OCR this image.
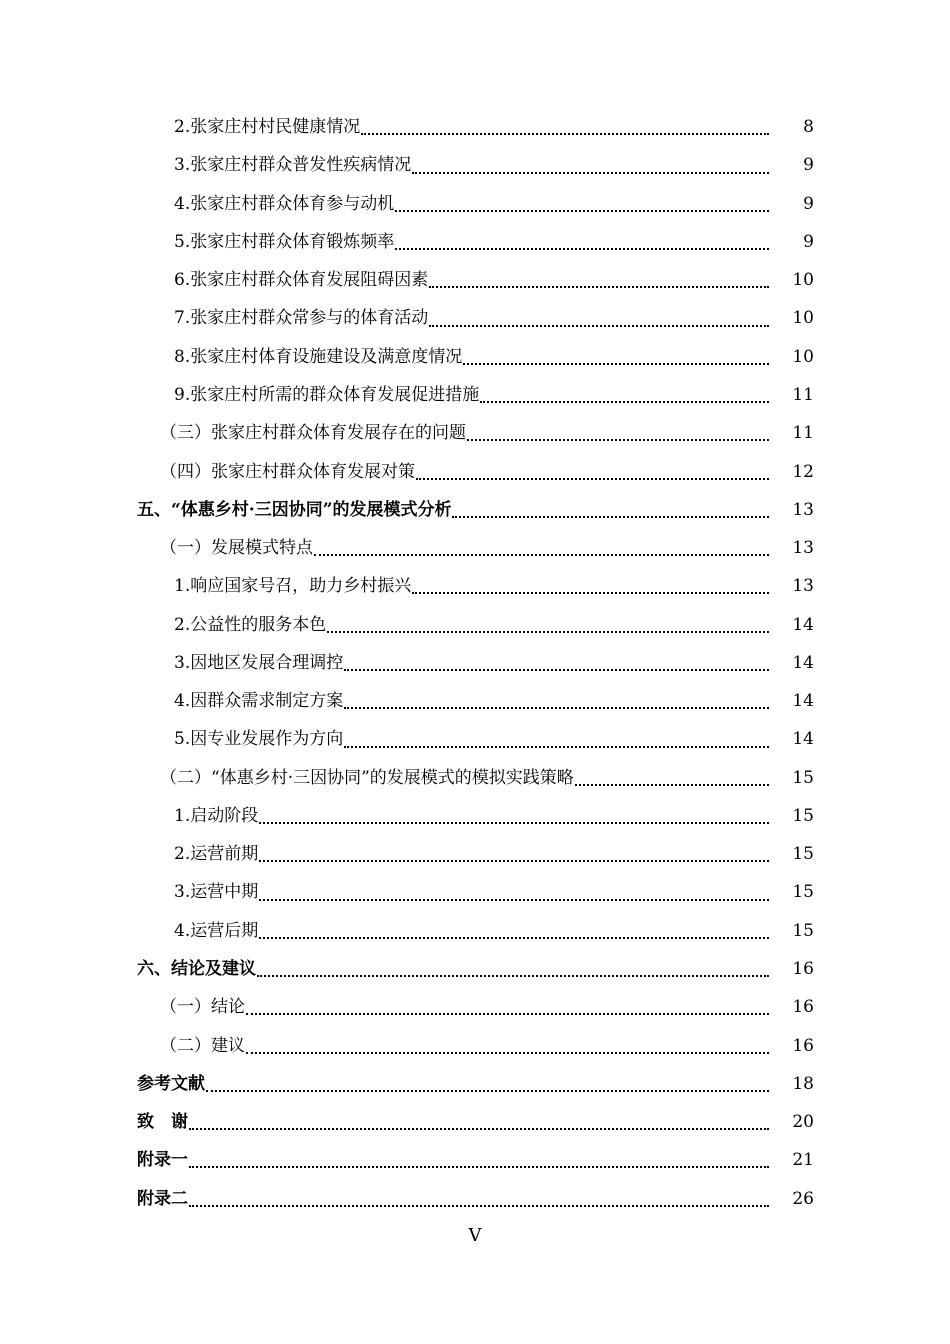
2.张家庄村村民健康情况	8
3.张家庄村群众普发性疾病情况	9
4.张家庄村群众体育参与动机	9
5.张家庄村群众体育锻炼频率	9
6.张家庄村群众体育发展阻碍因素	10
7.张家庄村群众常参与的体育活动	10
8.张家庄村体育设施建设及满意度情况	10
9.张家庄村所需的群众体育发展促进措施	11
（三）张家庄村群众体育发展存在的问题	11
（四）张家庄村群众体育发展对策	12
五、“体惠乡村·三因协同”的发展模式分析	13
（一）发展模式特点	13
1.响应国家号召，助力乡村振兴	13
2.公益性的服务本色	14
3.因地区发展合理调控	14
4.因群众需求制定方案	14
5.因专业发展作为方向	14
（二）“体惠乡村·三因协同”的发展模式的模拟实践策略	15
1.启动阶段	15
2.运营前期	15
3.运营中期	15
4.运营后期	15
六、结论及建议	16
（一）结论	16
（二）建议	16
参考文献	18
致　谢	20
附录一	21
附录二	26
V
